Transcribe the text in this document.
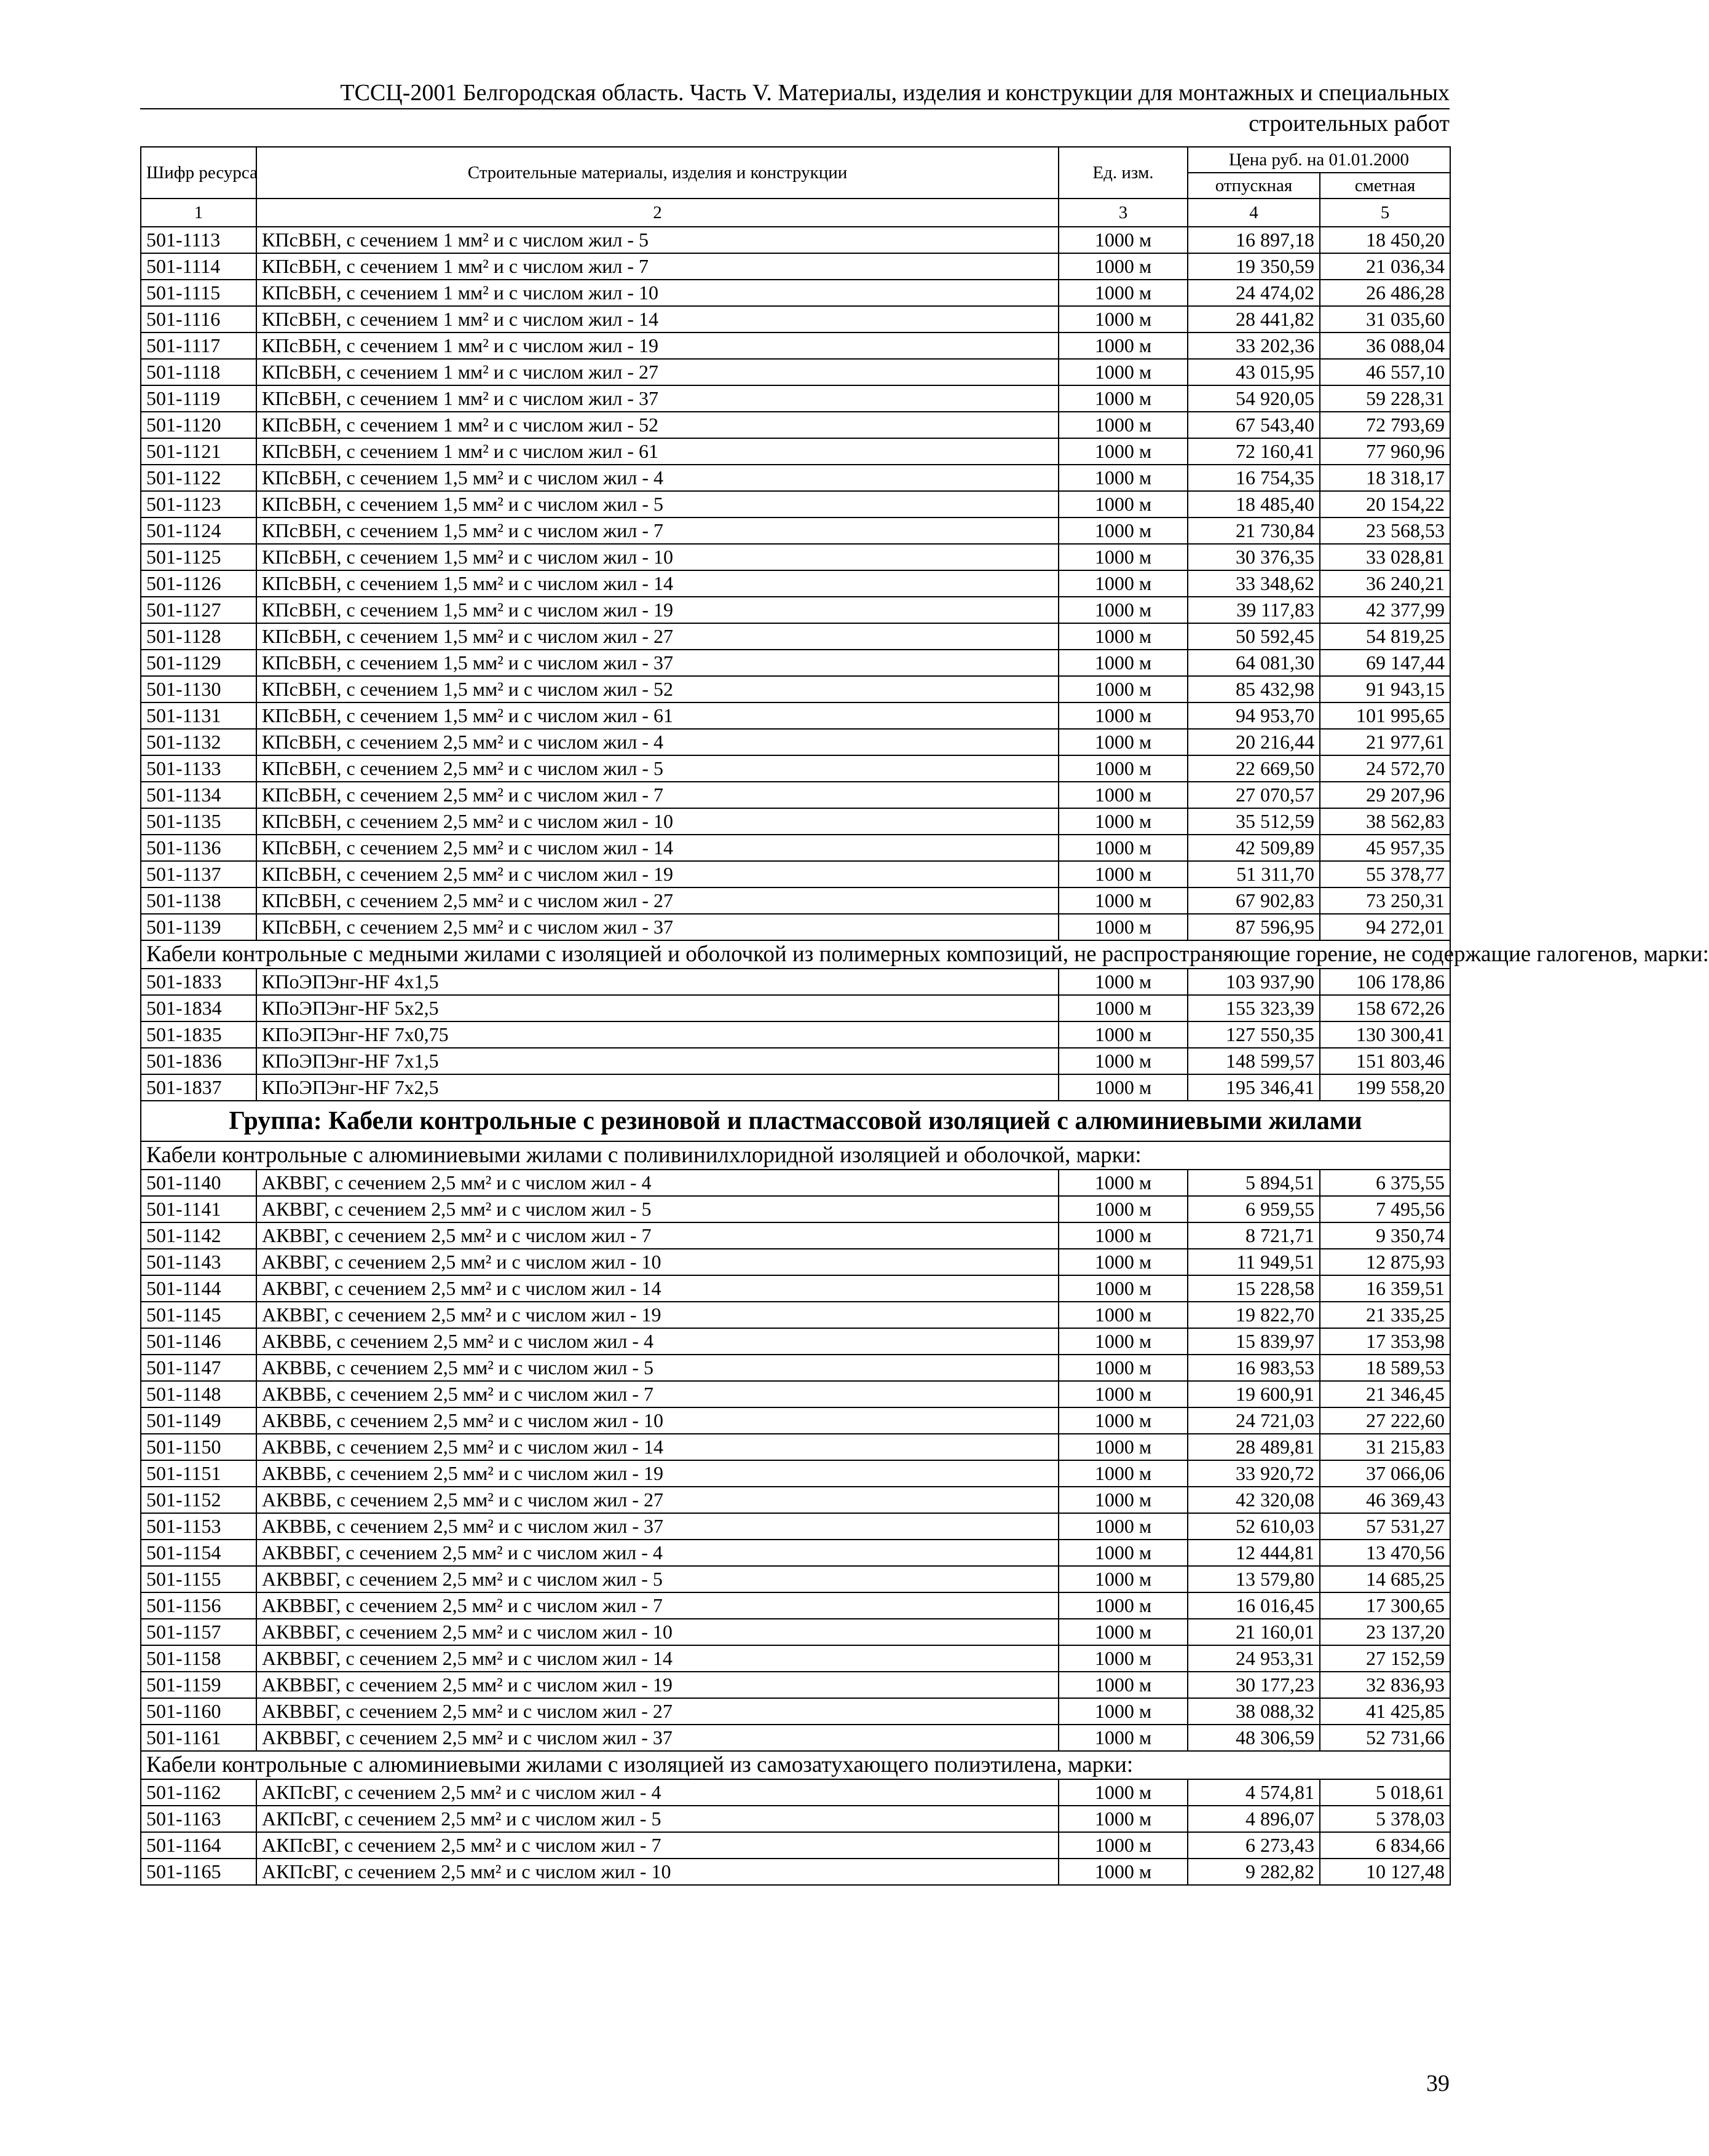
ТССЦ-2001 Белгородская область. Часть V. Материалы, изделия и конструкции для монтажных и специальных
строительных работ
Шифр ресурса	Строительные материалы, изделия и конструкции	Ед. изм.	Цена руб. на 01.01.2000	
			отпускная	сметная
1	2	3	4	5
501-1113	КПсВБН, с сечением 1 мм² и с числом жил - 5	1000 м	16 897,18	18 450,20
501-1114	КПсВБН, с сечением 1 мм² и с числом жил - 7	1000 м	19 350,59	21 036,34
501-1115	КПсВБН, с сечением 1 мм² и с числом жил - 10	1000 м	24 474,02	26 486,28
501-1116	КПсВБН, с сечением 1 мм² и с числом жил - 14	1000 м	28 441,82	31 035,60
501-1117	КПсВБН, с сечением 1 мм² и с числом жил - 19	1000 м	33 202,36	36 088,04
501-1118	КПсВБН, с сечением 1 мм² и с числом жил - 27	1000 м	43 015,95	46 557,10
501-1119	КПсВБН, с сечением 1 мм² и с числом жил - 37	1000 м	54 920,05	59 228,31
501-1120	КПсВБН, с сечением 1 мм² и с числом жил - 52	1000 м	67 543,40	72 793,69
501-1121	КПсВБН, с сечением 1 мм² и с числом жил - 61	1000 м	72 160,41	77 960,96
501-1122	КПсВБН, с сечением 1,5 мм² и с числом жил - 4	1000 м	16 754,35	18 318,17
501-1123	КПсВБН, с сечением 1,5 мм² и с числом жил - 5	1000 м	18 485,40	20 154,22
501-1124	КПсВБН, с сечением 1,5 мм² и с числом жил - 7	1000 м	21 730,84	23 568,53
501-1125	КПсВБН, с сечением 1,5 мм² и с числом жил - 10	1000 м	30 376,35	33 028,81
501-1126	КПсВБН, с сечением 1,5 мм² и с числом жил - 14	1000 м	33 348,62	36 240,21
501-1127	КПсВБН, с сечением 1,5 мм² и с числом жил - 19	1000 м	39 117,83	42 377,99
501-1128	КПсВБН, с сечением 1,5 мм² и с числом жил - 27	1000 м	50 592,45	54 819,25
501-1129	КПсВБН, с сечением 1,5 мм² и с числом жил - 37	1000 м	64 081,30	69 147,44
501-1130	КПсВБН, с сечением 1,5 мм² и с числом жил - 52	1000 м	85 432,98	91 943,15
501-1131	КПсВБН, с сечением 1,5 мм² и с числом жил - 61	1000 м	94 953,70	101 995,65
501-1132	КПсВБН, с сечением 2,5 мм² и с числом жил - 4	1000 м	20 216,44	21 977,61
501-1133	КПсВБН, с сечением 2,5 мм² и с числом жил - 5	1000 м	22 669,50	24 572,70
501-1134	КПсВБН, с сечением 2,5 мм² и с числом жил - 7	1000 м	27 070,57	29 207,96
501-1135	КПсВБН, с сечением 2,5 мм² и с числом жил - 10	1000 м	35 512,59	38 562,83
501-1136	КПсВБН, с сечением 2,5 мм² и с числом жил - 14	1000 м	42 509,89	45 957,35
501-1137	КПсВБН, с сечением 2,5 мм² и с числом жил - 19	1000 м	51 311,70	55 378,77
501-1138	КПсВБН, с сечением 2,5 мм² и с числом жил - 27	1000 м	67 902,83	73 250,31
501-1139	КПсВБН, с сечением 2,5 мм² и с числом жил - 37	1000 м	87 596,95	94 272,01
Кабели контрольные с медными жилами с изоляцией и оболочкой из полимерных композиций, не распространяющие горение, не содержащие галогенов, марки:				
501-1833	КПоЭПЭнг-HF 4х1,5	1000 м	103 937,90	106 178,86
501-1834	КПоЭПЭнг-HF 5х2,5	1000 м	155 323,39	158 672,26
501-1835	КПоЭПЭнг-HF 7х0,75	1000 м	127 550,35	130 300,41
501-1836	КПоЭПЭнг-HF 7х1,5	1000 м	148 599,57	151 803,46
501-1837	КПоЭПЭнг-HF 7х2,5	1000 м	195 346,41	199 558,20
Группа: Кабели контрольные с резиновой и пластмассовой изоляцией с алюминиевыми жилами				
Кабели контрольные с алюминиевыми жилами с поливинилхлоридной изоляцией и оболочкой, марки:				
501-1140	АКВВГ, с сечением 2,5 мм² и с числом жил - 4	1000 м	5 894,51	6 375,55
501-1141	АКВВГ, с сечением 2,5 мм² и с числом жил - 5	1000 м	6 959,55	7 495,56
501-1142	АКВВГ, с сечением 2,5 мм² и с числом жил - 7	1000 м	8 721,71	9 350,74
501-1143	АКВВГ, с сечением 2,5 мм² и с числом жил - 10	1000 м	11 949,51	12 875,93
501-1144	АКВВГ, с сечением 2,5 мм² и с числом жил - 14	1000 м	15 228,58	16 359,51
501-1145	АКВВГ, с сечением 2,5 мм² и с числом жил - 19	1000 м	19 822,70	21 335,25
501-1146	АКВВБ, с сечением 2,5 мм² и с числом жил - 4	1000 м	15 839,97	17 353,98
501-1147	АКВВБ, с сечением 2,5 мм² и с числом жил - 5	1000 м	16 983,53	18 589,53
501-1148	АКВВБ, с сечением 2,5 мм² и с числом жил - 7	1000 м	19 600,91	21 346,45
501-1149	АКВВБ, с сечением 2,5 мм² и с числом жил - 10	1000 м	24 721,03	27 222,60
501-1150	АКВВБ, с сечением 2,5 мм² и с числом жил - 14	1000 м	28 489,81	31 215,83
501-1151	АКВВБ, с сечением 2,5 мм² и с числом жил - 19	1000 м	33 920,72	37 066,06
501-1152	АКВВБ, с сечением 2,5 мм² и с числом жил - 27	1000 м	42 320,08	46 369,43
501-1153	АКВВБ, с сечением 2,5 мм² и с числом жил - 37	1000 м	52 610,03	57 531,27
501-1154	АКВВБГ, с сечением 2,5 мм² и с числом жил - 4	1000 м	12 444,81	13 470,56
501-1155	АКВВБГ, с сечением 2,5 мм² и с числом жил - 5	1000 м	13 579,80	14 685,25
501-1156	АКВВБГ, с сечением 2,5 мм² и с числом жил - 7	1000 м	16 016,45	17 300,65
501-1157	АКВВБГ, с сечением 2,5 мм² и с числом жил - 10	1000 м	21 160,01	23 137,20
501-1158	АКВВБГ, с сечением 2,5 мм² и с числом жил - 14	1000 м	24 953,31	27 152,59
501-1159	АКВВБГ, с сечением 2,5 мм² и с числом жил - 19	1000 м	30 177,23	32 836,93
501-1160	АКВВБГ, с сечением 2,5 мм² и с числом жил - 27	1000 м	38 088,32	41 425,85
501-1161	АКВВБГ, с сечением 2,5 мм² и с числом жил - 37	1000 м	48 306,59	52 731,66
Кабели контрольные с алюминиевыми жилами с изоляцией из самозатухающего полиэтилена, марки:				
501-1162	АКПсВГ, с сечением 2,5 мм² и с числом жил - 4	1000 м	4 574,81	5 018,61
501-1163	АКПсВГ, с сечением 2,5 мм² и с числом жил - 5	1000 м	4 896,07	5 378,03
501-1164	АКПсВГ, с сечением 2,5 мм² и с числом жил - 7	1000 м	6 273,43	6 834,66
501-1165	АКПсВГ, с сечением 2,5 мм² и с числом жил - 10	1000 м	9 282,82	10 127,48
39
